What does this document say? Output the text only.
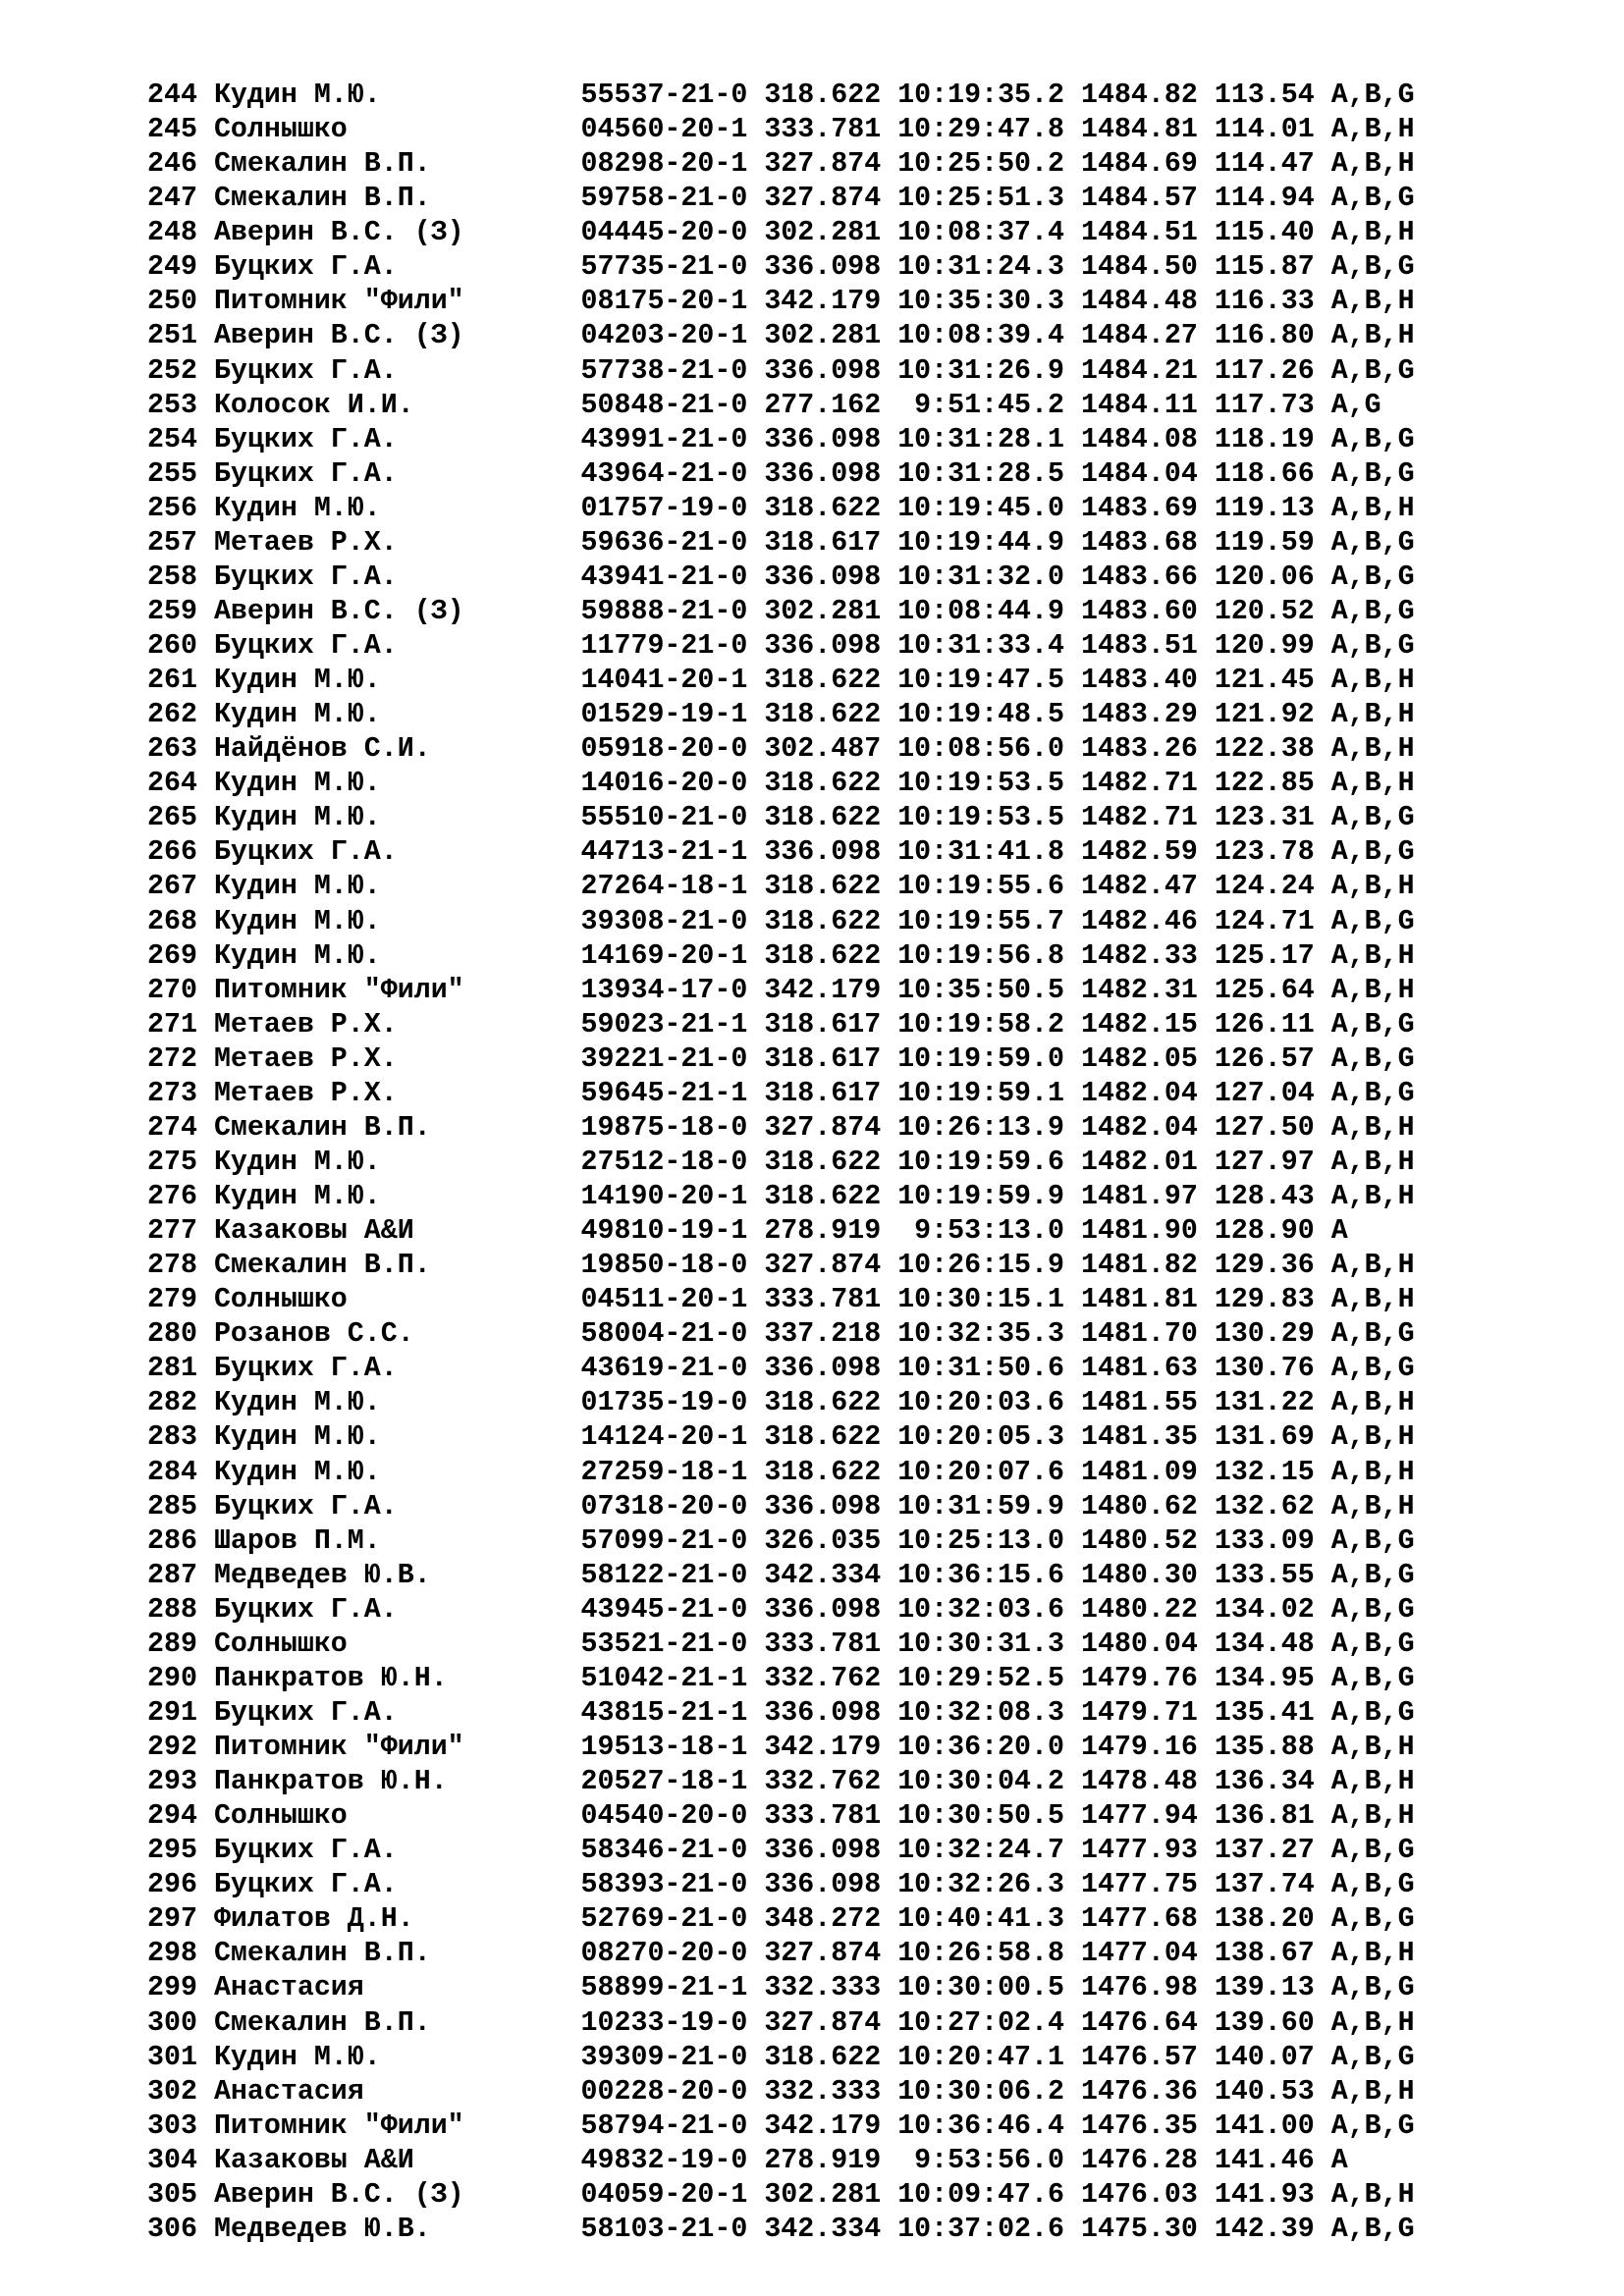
244 Кудин М.Ю.            55537-21-0 318.622 10:19:35.2 1484.82 113.54 A,B,G
245 Солнышко              04560-20-1 333.781 10:29:47.8 1484.81 114.01 A,B,H
246 Смекалин В.П.         08298-20-1 327.874 10:25:50.2 1484.69 114.47 A,B,H
247 Смекалин В.П.         59758-21-0 327.874 10:25:51.3 1484.57 114.94 A,B,G
248 Аверин В.С. (З)       04445-20-0 302.281 10:08:37.4 1484.51 115.40 A,B,H
249 Буцких Г.А.           57735-21-0 336.098 10:31:24.3 1484.50 115.87 A,B,G
250 Питомник "Фили"       08175-20-1 342.179 10:35:30.3 1484.48 116.33 A,B,H
251 Аверин В.С. (З)       04203-20-1 302.281 10:08:39.4 1484.27 116.80 A,B,H
252 Буцких Г.А.           57738-21-0 336.098 10:31:26.9 1484.21 117.26 A,B,G
253 Колосок И.И.          50848-21-0 277.162  9:51:45.2 1484.11 117.73 A,G
254 Буцких Г.А.           43991-21-0 336.098 10:31:28.1 1484.08 118.19 A,B,G
255 Буцких Г.А.           43964-21-0 336.098 10:31:28.5 1484.04 118.66 A,B,G
256 Кудин М.Ю.            01757-19-0 318.622 10:19:45.0 1483.69 119.13 A,B,H
257 Метаев Р.Х.           59636-21-0 318.617 10:19:44.9 1483.68 119.59 A,B,G
258 Буцких Г.А.           43941-21-0 336.098 10:31:32.0 1483.66 120.06 A,B,G
259 Аверин В.С. (З)       59888-21-0 302.281 10:08:44.9 1483.60 120.52 A,B,G
260 Буцких Г.А.           11779-21-0 336.098 10:31:33.4 1483.51 120.99 A,B,G
261 Кудин М.Ю.            14041-20-1 318.622 10:19:47.5 1483.40 121.45 A,B,H
262 Кудин М.Ю.            01529-19-1 318.622 10:19:48.5 1483.29 121.92 A,B,H
263 Найдёнов С.И.         05918-20-0 302.487 10:08:56.0 1483.26 122.38 A,B,H
264 Кудин М.Ю.            14016-20-0 318.622 10:19:53.5 1482.71 122.85 A,B,H
265 Кудин М.Ю.            55510-21-0 318.622 10:19:53.5 1482.71 123.31 A,B,G
266 Буцких Г.А.           44713-21-1 336.098 10:31:41.8 1482.59 123.78 A,B,G
267 Кудин М.Ю.            27264-18-1 318.622 10:19:55.6 1482.47 124.24 A,B,H
268 Кудин М.Ю.            39308-21-0 318.622 10:19:55.7 1482.46 124.71 A,B,G
269 Кудин М.Ю.            14169-20-1 318.622 10:19:56.8 1482.33 125.17 A,B,H
270 Питомник "Фили"       13934-17-0 342.179 10:35:50.5 1482.31 125.64 A,B,H
271 Метаев Р.Х.           59023-21-1 318.617 10:19:58.2 1482.15 126.11 A,B,G
272 Метаев Р.Х.           39221-21-0 318.617 10:19:59.0 1482.05 126.57 A,B,G
273 Метаев Р.Х.           59645-21-1 318.617 10:19:59.1 1482.04 127.04 A,B,G
274 Смекалин В.П.         19875-18-0 327.874 10:26:13.9 1482.04 127.50 A,B,H
275 Кудин М.Ю.            27512-18-0 318.622 10:19:59.6 1482.01 127.97 A,B,H
276 Кудин М.Ю.            14190-20-1 318.622 10:19:59.9 1481.97 128.43 A,B,H
277 Казаковы А&И          49810-19-1 278.919  9:53:13.0 1481.90 128.90 A
278 Смекалин В.П.         19850-18-0 327.874 10:26:15.9 1481.82 129.36 A,B,H
279 Солнышко              04511-20-1 333.781 10:30:15.1 1481.81 129.83 A,B,H
280 Розанов С.С.          58004-21-0 337.218 10:32:35.3 1481.70 130.29 A,B,G
281 Буцких Г.А.           43619-21-0 336.098 10:31:50.6 1481.63 130.76 A,B,G
282 Кудин М.Ю.            01735-19-0 318.622 10:20:03.6 1481.55 131.22 A,B,H
283 Кудин М.Ю.            14124-20-1 318.622 10:20:05.3 1481.35 131.69 A,B,H
284 Кудин М.Ю.            27259-18-1 318.622 10:20:07.6 1481.09 132.15 A,B,H
285 Буцких Г.А.           07318-20-0 336.098 10:31:59.9 1480.62 132.62 A,B,H
286 Шаров П.М.            57099-21-0 326.035 10:25:13.0 1480.52 133.09 A,B,G
287 Медведев Ю.В.         58122-21-0 342.334 10:36:15.6 1480.30 133.55 A,B,G
288 Буцких Г.А.           43945-21-0 336.098 10:32:03.6 1480.22 134.02 A,B,G
289 Солнышко              53521-21-0 333.781 10:30:31.3 1480.04 134.48 A,B,G
290 Панкратов Ю.Н.        51042-21-1 332.762 10:29:52.5 1479.76 134.95 A,B,G
291 Буцких Г.А.           43815-21-1 336.098 10:32:08.3 1479.71 135.41 A,B,G
292 Питомник "Фили"       19513-18-1 342.179 10:36:20.0 1479.16 135.88 A,B,H
293 Панкратов Ю.Н.        20527-18-1 332.762 10:30:04.2 1478.48 136.34 A,B,H
294 Солнышко              04540-20-0 333.781 10:30:50.5 1477.94 136.81 A,B,H
295 Буцких Г.А.           58346-21-0 336.098 10:32:24.7 1477.93 137.27 A,B,G
296 Буцких Г.А.           58393-21-0 336.098 10:32:26.3 1477.75 137.74 A,B,G
297 Филатов Д.Н.          52769-21-0 348.272 10:40:41.3 1477.68 138.20 A,B,G
298 Смекалин В.П.         08270-20-0 327.874 10:26:58.8 1477.04 138.67 A,B,H
299 Анастасия             58899-21-1 332.333 10:30:00.5 1476.98 139.13 A,B,G
300 Смекалин В.П.         10233-19-0 327.874 10:27:02.4 1476.64 139.60 A,B,H
301 Кудин М.Ю.            39309-21-0 318.622 10:20:47.1 1476.57 140.07 A,B,G
302 Анастасия             00228-20-0 332.333 10:30:06.2 1476.36 140.53 A,B,H
303 Питомник "Фили"       58794-21-0 342.179 10:36:46.4 1476.35 141.00 A,B,G
304 Казаковы А&И          49832-19-0 278.919  9:53:56.0 1476.28 141.46 A
305 Аверин В.С. (З)       04059-20-1 302.281 10:09:47.6 1476.03 141.93 A,B,H
306 Медведев Ю.В.         58103-21-0 342.334 10:37:02.6 1475.30 142.39 A,B,G
